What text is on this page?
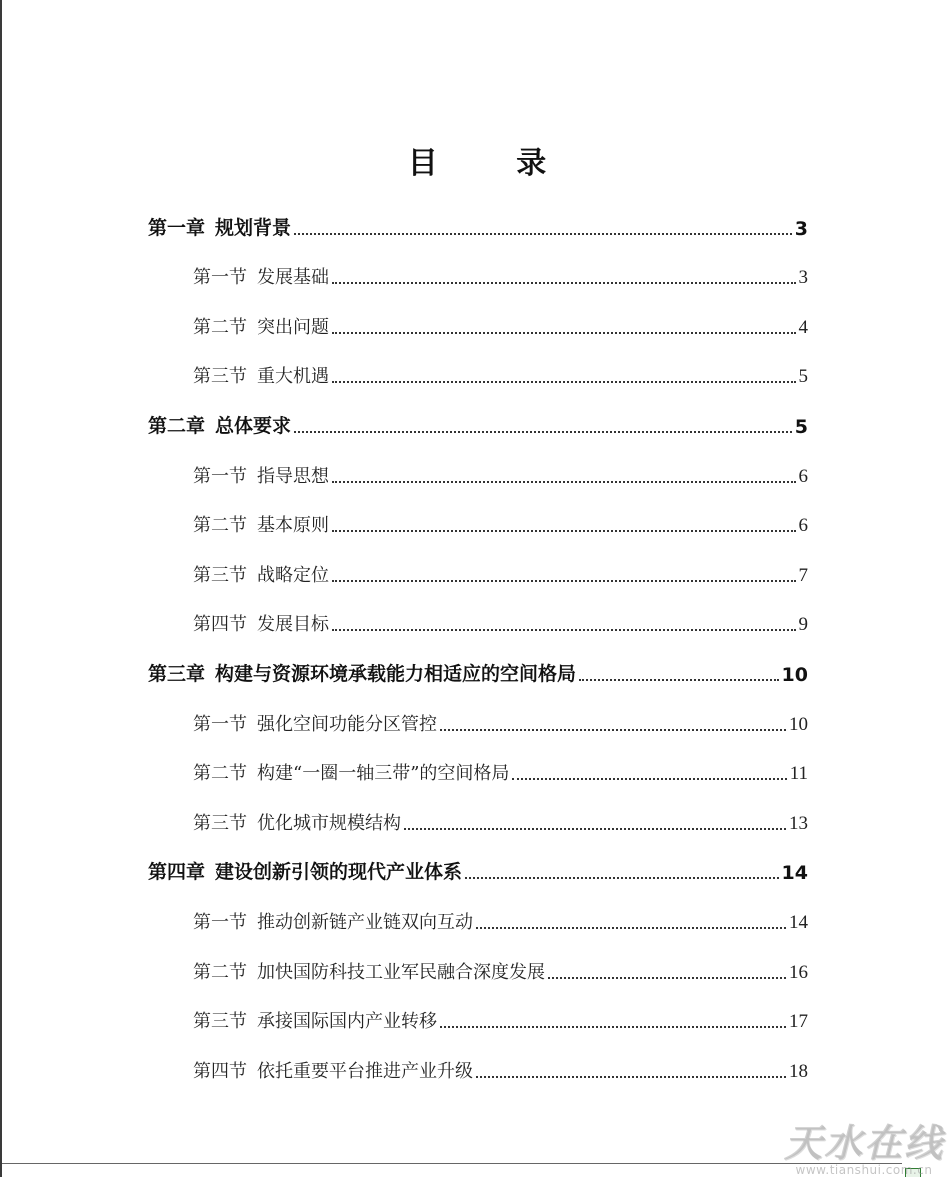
目 录
第一章 规划背景	3
第一节 发展基础	3
第二节 突出问题	4
第三节 重大机遇	5
第二章 总体要求	5
第一节 指导思想	6
第二节 基本原则	6
第三节 战略定位	7
第四节 发展目标	9
第三章 构建与资源环境承载能力相适应的空间格局	10
第一节 强化空间功能分区管控	10
第二节 构建“一圈一轴三带”的空间格局	11
第三节 优化城市规模结构	13
第四章 建设创新引领的现代产业体系	14
第一节 推动创新链产业链双向互动	14
第二节 加快国防科技工业军民融合深度发展	16
第三节 承接国际国内产业转移	17
第四节 依托重要平台推进产业升级	18
天水在线
www.tianshui.com.cn
